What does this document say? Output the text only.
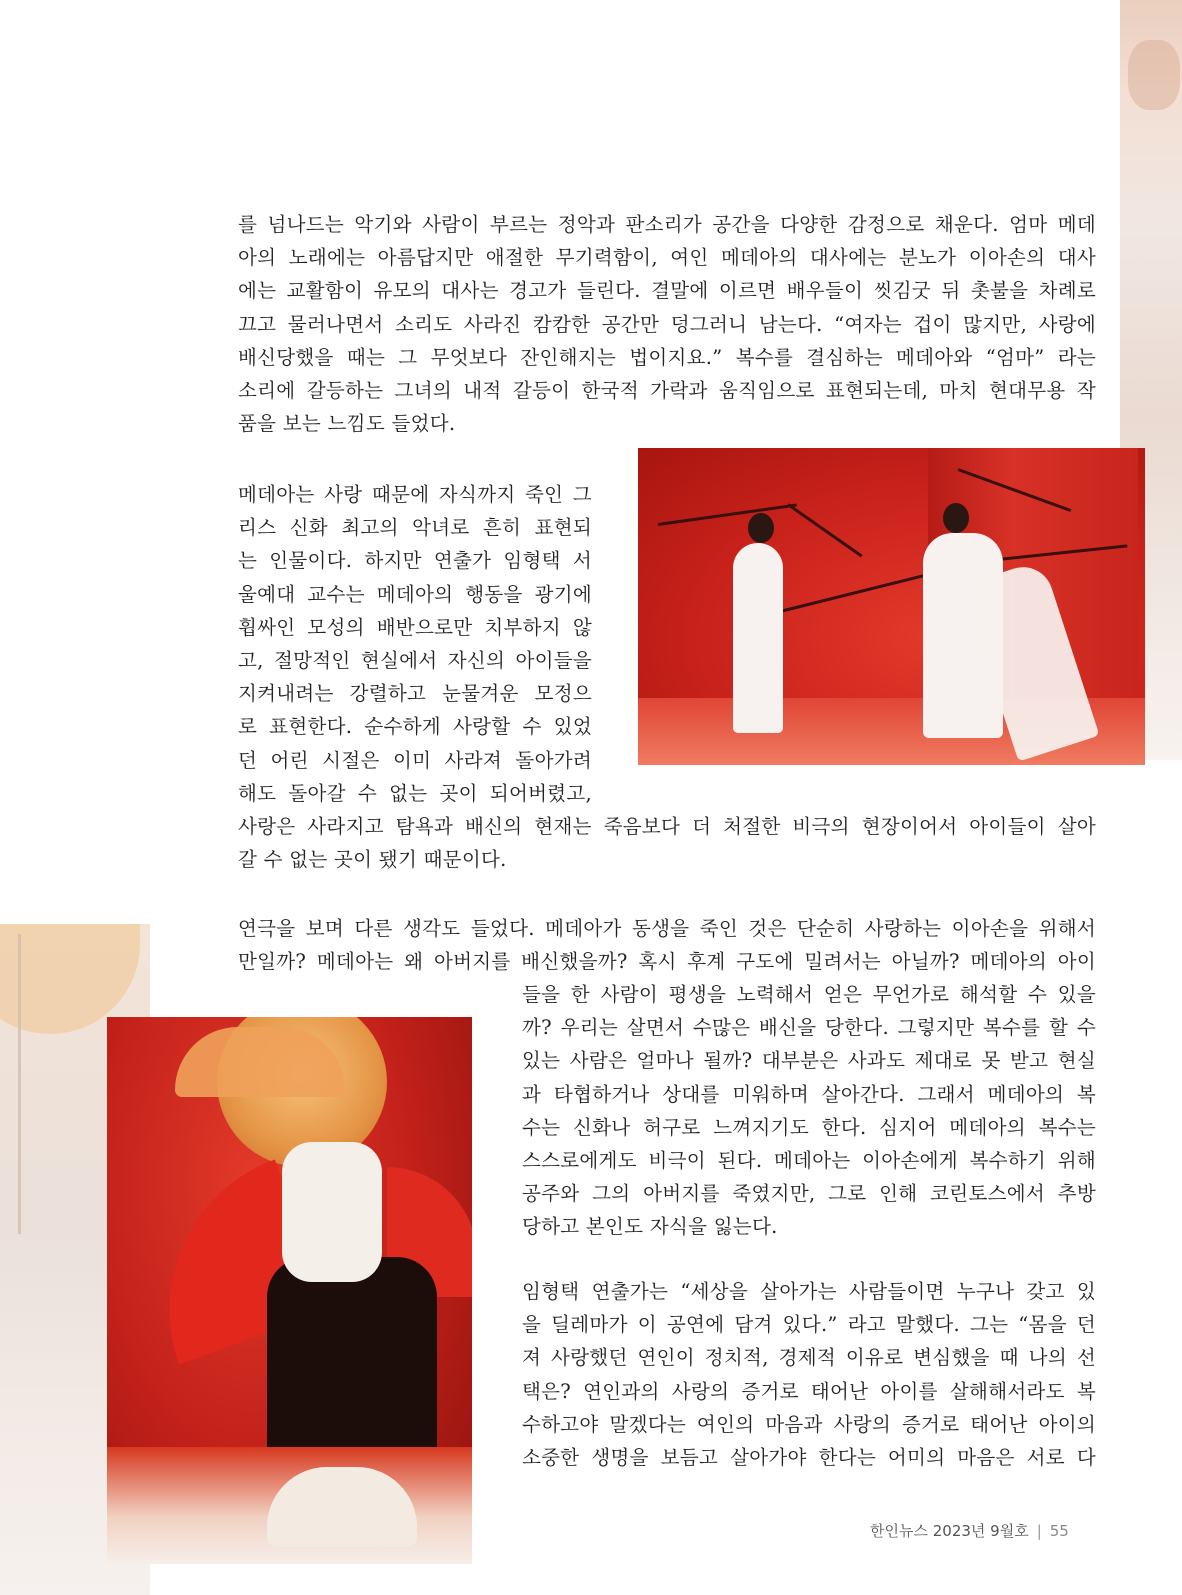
를 넘나드는 악기와 사람이 부르는 정악과 판소리가 공간을 다양한 감정으로 채운다. 엄마 메데
아의 노래에는 아름답지만 애절한 무기력함이, 여인 메데아의 대사에는 분노가 이아손의 대사
에는 교활함이 유모의 대사는 경고가 들린다. 결말에 이르면 배우들이 씻김굿 뒤 촛불을 차례로
끄고 물러나면서 소리도 사라진 캄캄한 공간만 덩그러니 남는다. “여자는 겁이 많지만, 사랑에
배신당했을 때는 그 무엇보다 잔인해지는 법이지요.” 복수를 결심하는 메데아와 “엄마” 라는
소리에 갈등하는 그녀의 내적 갈등이 한국적 가락과 움직임으로 표현되는데, 마치 현대무용 작
품을 보는 느낌도 들었다.
메데아는 사랑 때문에 자식까지 죽인 그
리스 신화 최고의 악녀로 흔히 표현되
는 인물이다. 하지만 연출가 임형택 서
울예대 교수는 메데아의 행동을 광기에
휩싸인 모성의 배반으로만 치부하지 않
고, 절망적인 현실에서 자신의 아이들을
지켜내려는 강렬하고 눈물겨운 모정으
로 표현한다. 순수하게 사랑할 수 있었
던 어린 시절은 이미 사라져 돌아가려
해도 돌아갈 수 없는 곳이 되어버렸고,
사랑은 사라지고 탐욕과 배신의 현재는 죽음보다 더 처절한 비극의 현장이어서 아이들이 살아
갈 수 없는 곳이 됐기 때문이다.
연극을 보며 다른 생각도 들었다. 메데아가 동생을 죽인 것은 단순히 사랑하는 이아손을 위해서
만일까? 메데아는 왜 아버지를 배신했을까? 혹시 후계 구도에 밀려서는 아닐까? 메데아의 아이
들을 한 사람이 평생을 노력해서 얻은 무언가로 해석할 수 있을
까? 우리는 살면서 수많은 배신을 당한다. 그렇지만 복수를 할 수
있는 사람은 얼마나 될까? 대부분은 사과도 제대로 못 받고 현실
과 타협하거나 상대를 미워하며 살아간다. 그래서 메데아의 복
수는 신화나 허구로 느껴지기도 한다. 심지어 메데아의 복수는
스스로에게도 비극이 된다. 메데아는 이아손에게 복수하기 위해
공주와 그의 아버지를 죽였지만, 그로 인해 코린토스에서 추방
당하고 본인도 자식을 잃는다.
임형택 연출가는 “세상을 살아가는 사람들이면 누구나 갖고 있
을 딜레마가 이 공연에 담겨 있다.” 라고 말했다. 그는 “몸을 던
져 사랑했던 연인이 정치적, 경제적 이유로 변심했을 때 나의 선
택은? 연인과의 사랑의 증거로 태어난 아이를 살해해서라도 복
수하고야 말겠다는 여인의 마음과 사랑의 증거로 태어난 아이의
소중한 생명을 보듬고 살아가야 한다는 어미의 마음은 서로 다
한인뉴스 2023년 9월호 | 55
